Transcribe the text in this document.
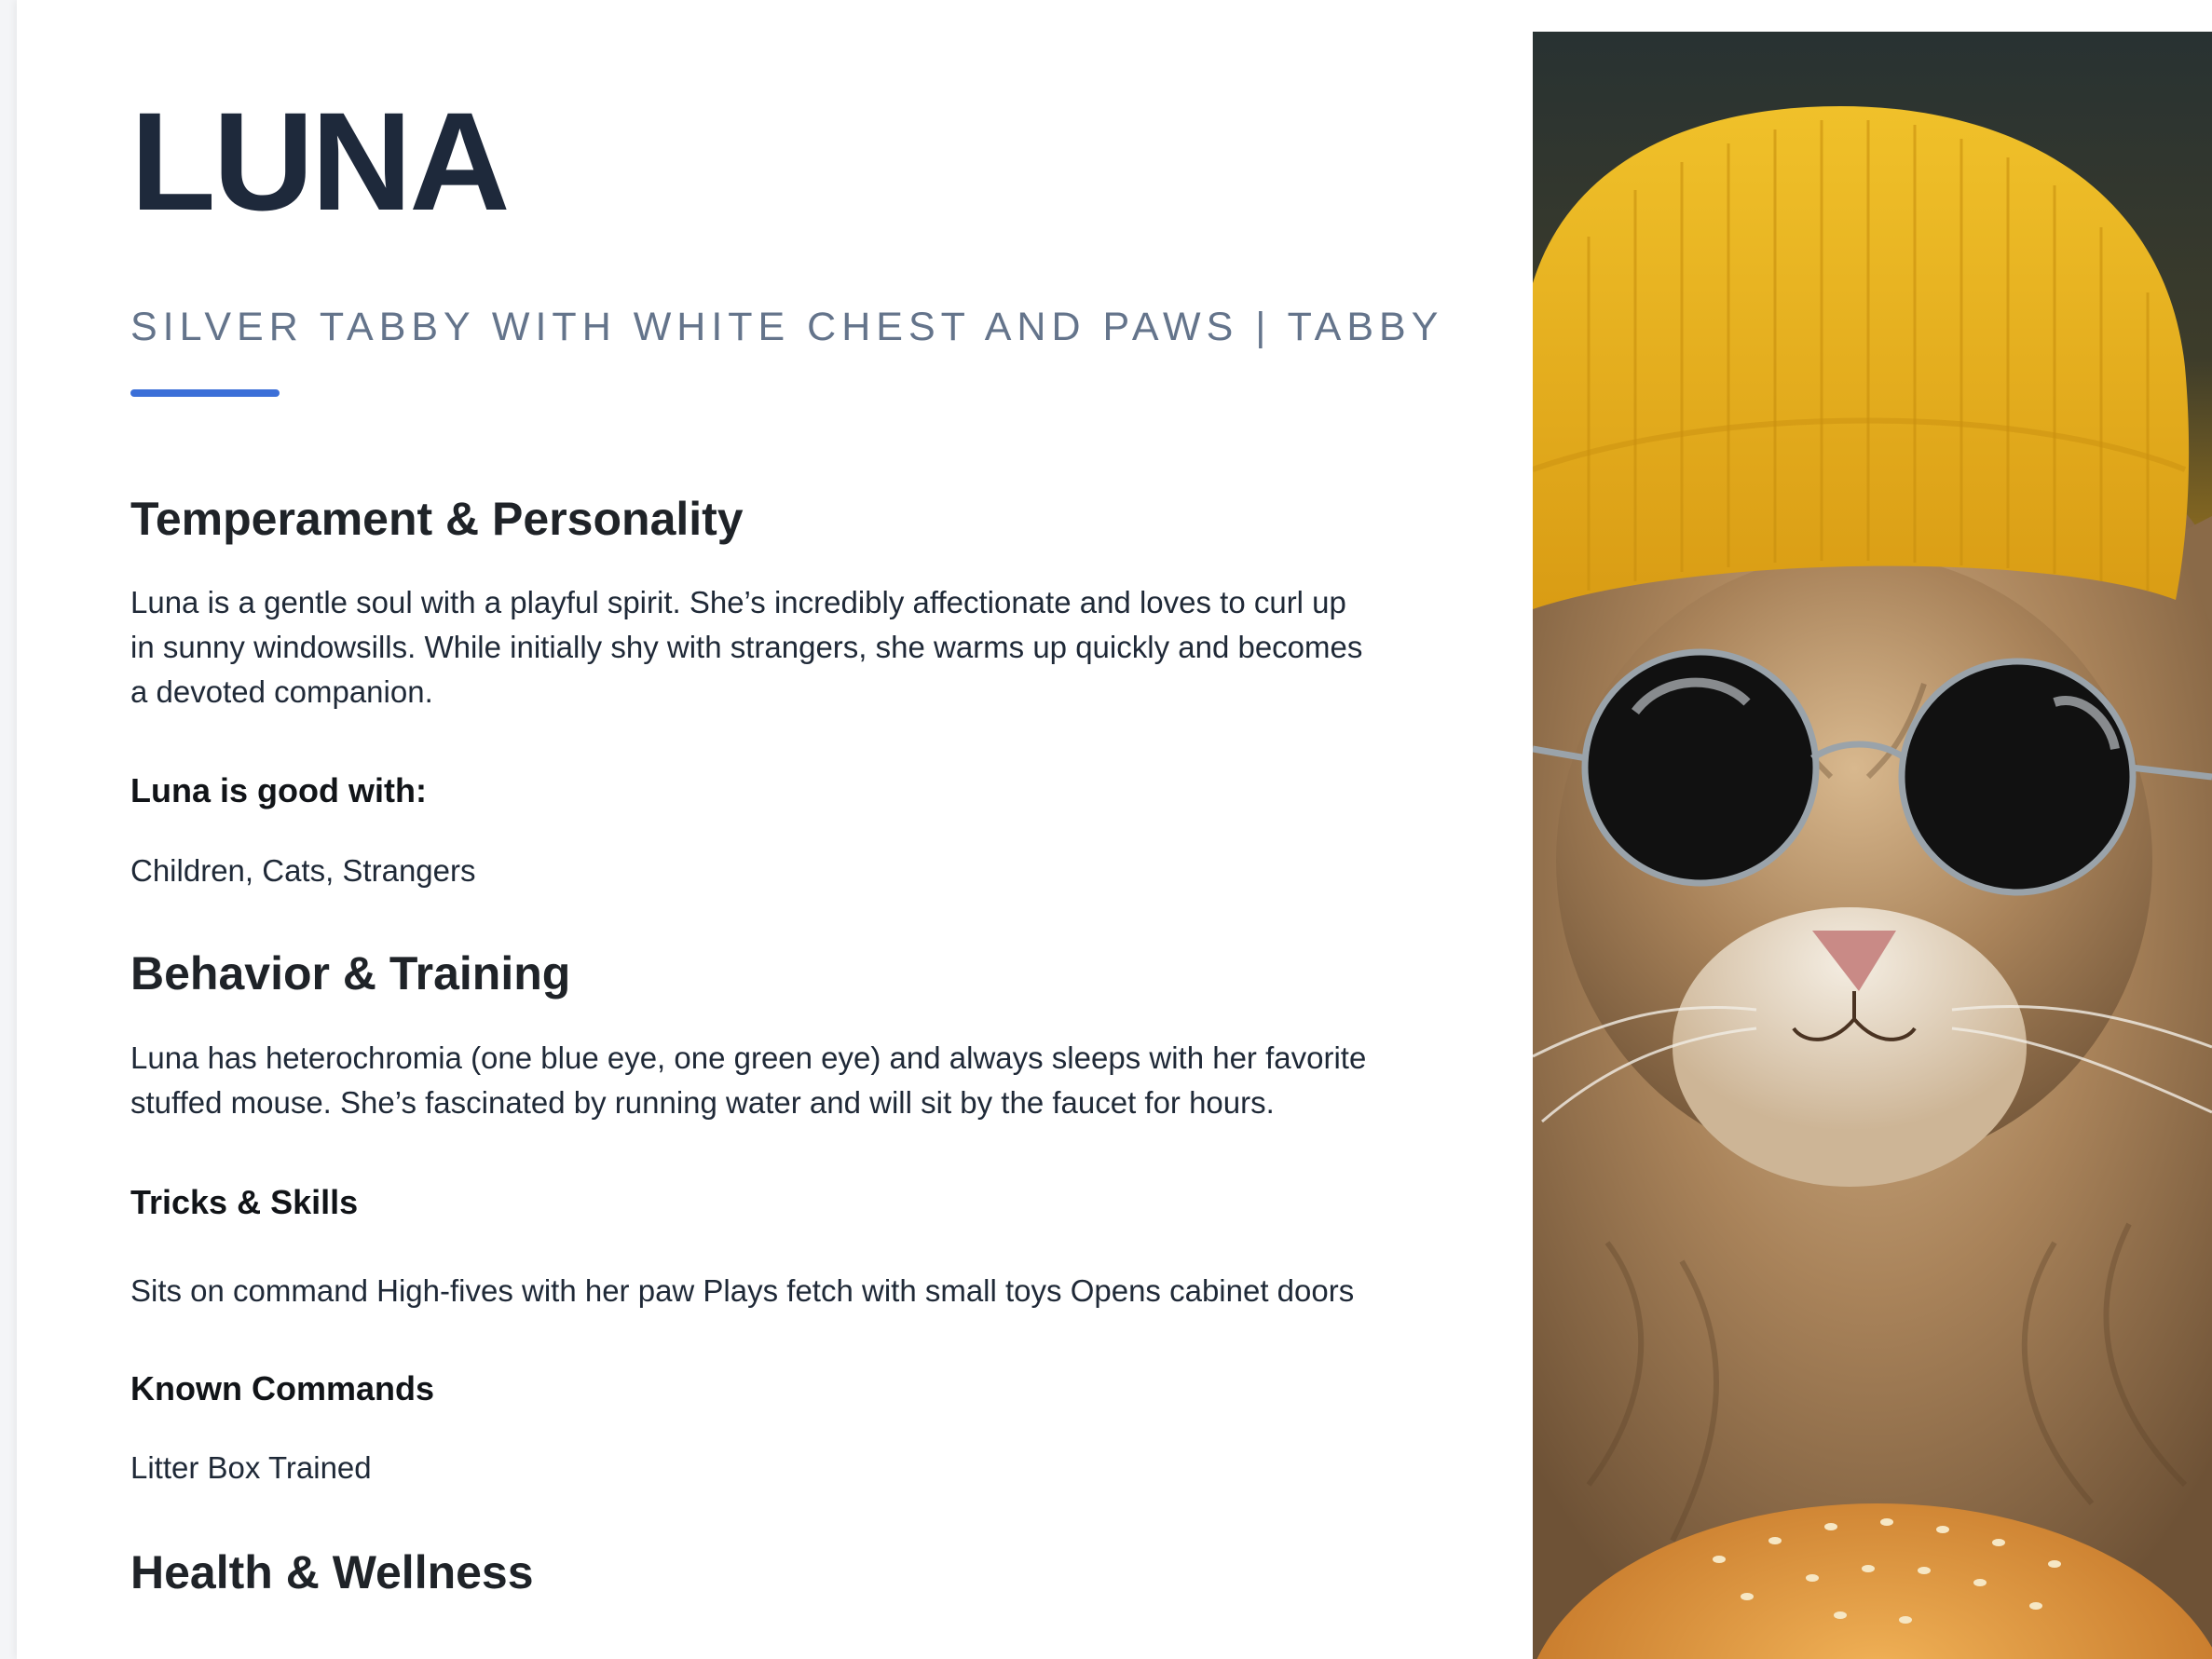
LUNA
SILVER TABBY WITH WHITE CHEST AND PAWS | TABBY
Temperament & Personality
Luna is a gentle soul with a playful spirit. She’s incredibly affectionate and loves to curl up
in sunny windowsills. While initially shy with strangers, she warms up quickly and becomes
a devoted companion.
Luna is good with:
Children, Cats, Strangers
Behavior & Training
Luna has heterochromia (one blue eye, one green eye) and always sleeps with her favorite
stuffed mouse. She’s fascinated by running water and will sit by the faucet for hours.
Tricks & Skills
Sits on command High-fives with her paw Plays fetch with small toys Opens cabinet doors
Known Commands
Litter Box Trained
Health & Wellness
